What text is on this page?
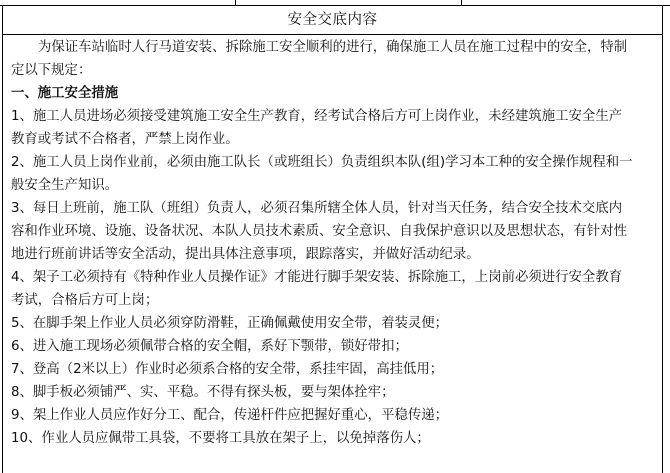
安全交底内容
为保证车站临时人行马道安装、拆除施工安全顺利的进行，确保施工人员在施工过程中的安全，特制
定以下规定：
一、施工安全措施
1、施工人员进场必须接受建筑施工安全生产教育，经考试合格后方可上岗作业，未经建筑施工安全生产
教育或考试不合格者，严禁上岗作业。
2、施工人员上岗作业前，必须由施工队长（或班组长）负责组织本队(组)学习本工种的安全操作规程和一
般安全生产知识。
3、每日上班前，施工队（班组）负责人，必须召集所辖全体人员，针对当天任务，结合安全技术交底内
容和作业环境、设施、设备状况、本队人员技术素质、安全意识、自我保护意识以及思想状态，有针对性
地进行班前讲话等安全活动，提出具体注意事项，跟踪落实，并做好活动纪录。
4、架子工必须持有《特种作业人员操作证》才能进行脚手架安装、拆除施工，上岗前必须进行安全教育
考试，合格后方可上岗；
5、在脚手架上作业人员必须穿防滑鞋，正确佩戴使用安全带，着装灵便；
6、进入施工现场必须佩带合格的安全帽，系好下颚带，锁好带扣；
7、登高（2米以上）作业时必须系合格的安全带，系挂牢固，高挂低用；
8、脚手板必须铺严、实、平稳。不得有探头板，要与架体拴牢；
9、架上作业人员应作好分工、配合，传递杆件应把握好重心，平稳传递；
10、作业人员应佩带工具袋，不要将工具放在架子上，以免掉落伤人；
